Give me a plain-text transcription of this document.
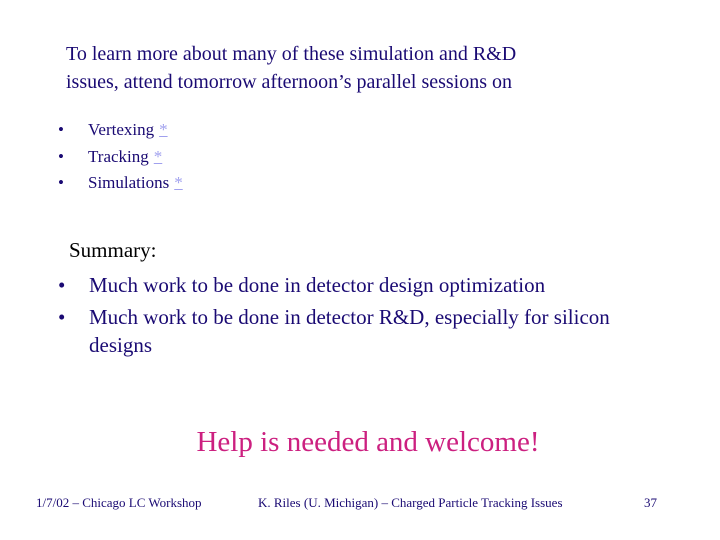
To learn more about many of these simulation and R&D
issues, attend tomorrow afternoon’s parallel sessions on
•	Vertexing *
•	Tracking *
•	Simulations *
Summary:
•	Much work to be done in detector design optimization
•	Much work to be done in detector R&D, especially for silicon designs
Help is needed and welcome!
1/7/02 – Chicago LC Workshop	K. Riles (U. Michigan) – Charged Particle Tracking Issues	37
